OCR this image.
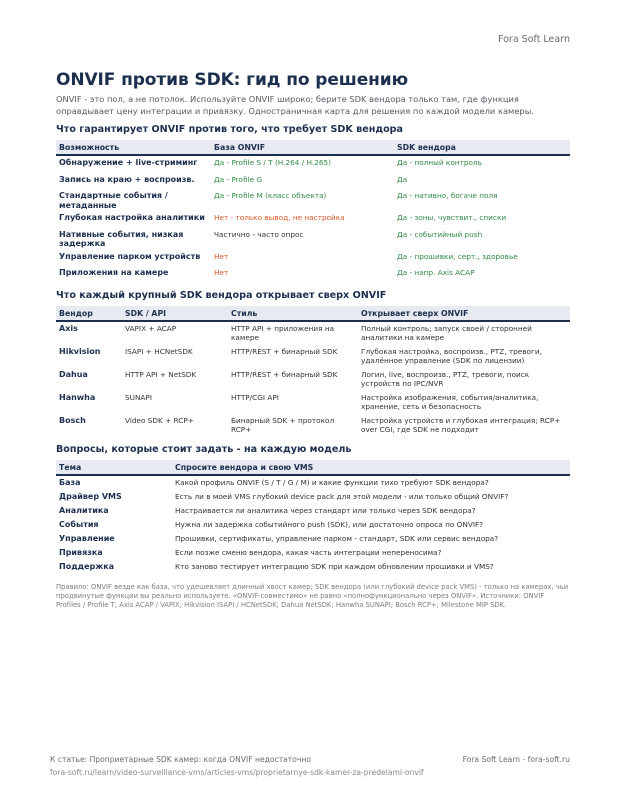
Fora Soft Learn
ONVIF против SDK: гид по решению

ONVIF - это пол, а не потолок. Используйте ONVIF широко; берите SDK вендора только там, где функция оправдывает цену интеграции и привязку. Одностраничная карта для решения по каждой модели камеры.

Что гарантирует ONVIF против того, что требует SDK вендора
Возможность	База ONVIF	SDK вендора
Обнаружение + live-стриминг	Да - Profile S / T (H.264 / H.265)	Да - полный контроль
Запись на краю + воспроизв.	Да - Profile G	Да
Стандартные события / метаданные	Да - Profile M (класс объекта)	Да - нативно, богаче поля
Глубокая настройка аналитики	Нет - только вывод, не настройка	Да - зоны, чувствит., списки
Нативные события, низкая задержка	Частично - часто опрос	Да - событийный push
Управление парком устройств	Нет	Да - прошивки, серт., здоровье
Приложения на камере	Нет	Да - напр. Axis ACAP
Что каждый крупный SDK вендора открывает сверх ONVIF
Вендор	SDK / API	Стиль	Открывает сверх ONVIF
Axis	VAPIX + ACAP	HTTP API + приложения на камере	Полный контроль; запуск своей / сторонней аналитики на камере
Hikvision	ISAPI + HCNetSDK	HTTP/REST + бинарный SDK	Глубокая настройка, воспроизв., PTZ, тревоги, удалённое управление (SDK по лицензии)
Dahua	HTTP API + NetSDK	HTTP/REST + бинарный SDK	Логин, live, воспроизв., PTZ, тревоги, поиск устройств по IPC/NVR
Hanwha	SUNAPI	HTTP/CGI API	Настройка изображения, события/аналитика, хранение, сеть и безопасность
Bosch	Video SDK + RCP+	Бинарный SDK + протокол RCP+	Настройка устройств и глубокая интеграция; RCP+ over CGI, где SDK не подходит
Вопросы, которые стоит задать - на каждую модель
Тема	Спросите вендора и свою VMS
База	Какой профиль ONVIF (S / T / G / M) и какие функции тихо требуют SDK вендора?
Драйвер VMS	Есть ли в моей VMS глубокий device pack для этой модели - или только общий ONVIF?
Аналитика	Настраивается ли аналитика через стандарт или только через SDK вендора?
События	Нужна ли задержка событийного push (SDK), или достаточно опроса по ONVIF?
Управление	Прошивки, сертификаты, управление парком - стандарт, SDK или сервис вендора?
Привязка	Если позже сменю вендора, какая часть интеграции непереносима?
Поддержка	Кто заново тестирует интеграцию SDK при каждом обновлении прошивки и VMS?

Правило: ONVIF везде как база, что удешевляет длинный хвост камер; SDK вендора (или глубокий device pack VMS) - только на камерах, чьи продвинутые функции вы реально используете. «ONVIF-совместимо» не равно «полнофункционально через ONVIF». Источники: ONVIF Profiles / Profile T; Axis ACAP / VAPIX; Hikvision ISAPI / HCNetSDK; Dahua NetSDK; Hanwha SUNAPI; Bosch RCP+; Milestone MIP SDK.

К статье: Проприетарные SDK камер: когда ONVIF недостаточно
fora-soft.ru/learn/video-surveillance-vms/articles-vms/proprietarnye-sdk-kamer-za-predelami-onvif
Fora Soft Learn - fora-soft.ru
